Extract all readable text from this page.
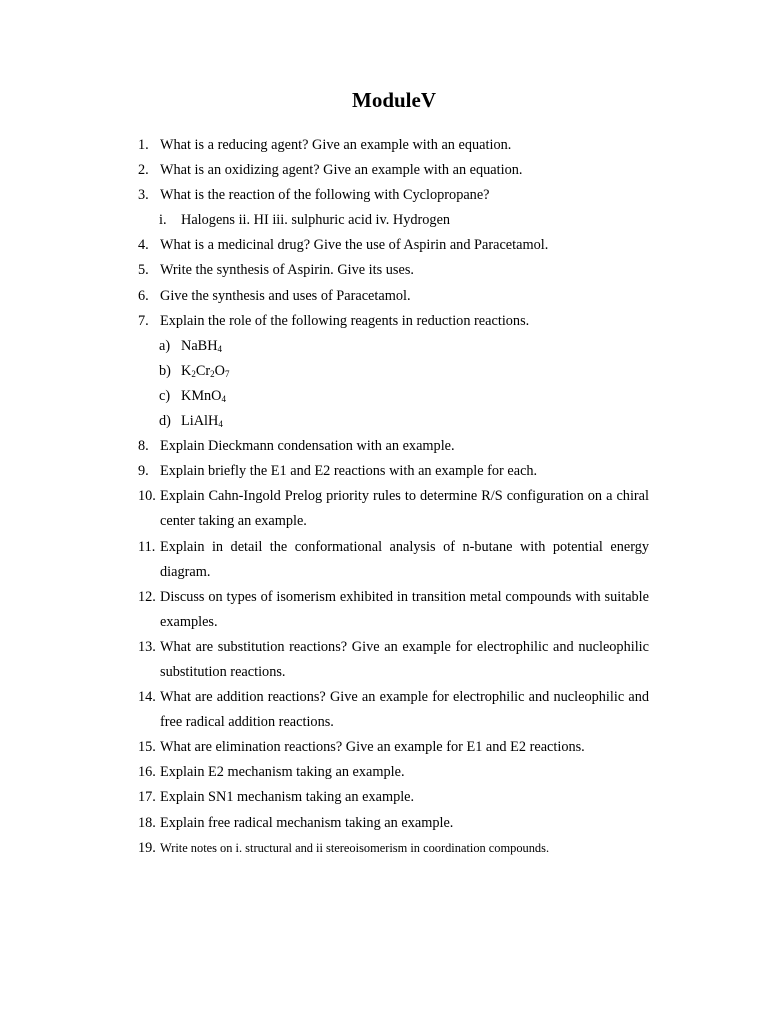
ModuleV
1. What is a reducing agent? Give an example with an equation.
2. What is an oxidizing agent? Give an example with an equation.
3. What is the reaction of the following with Cyclopropane?
i. Halogens ii. HI iii. sulphuric acid iv. Hydrogen
4. What is a medicinal drug? Give the use of Aspirin and Paracetamol.
5. Write the synthesis of Aspirin. Give its uses.
6. Give the synthesis and uses of Paracetamol.
7. Explain the role of the following reagents in reduction reactions.
a) NaBH$_4$
b) $K_2Cr_2O_7$
c) KMnO$_4$
d) LiAlH$_4$
8. Explain Dieckmann condensation with an example.
9. Explain briefly the E1 and E2 reactions with an example for each.
10. Explain Cahn-Ingold Prelog priority rules to determine R/S configuration on a chiral center taking an example.
11. Explain in detail the conformational analysis of n-butane with potential energy diagram.
12. Discuss on types of isomerism exhibited in transition metal compounds with suitable examples.
13. What are substitution reactions? Give an example for electrophilic and nucleophilic substitution reactions.
14. What are addition reactions? Give an example for electrophilic and nucleophilic and free radical addition reactions.
15. What are elimination reactions? Give an example for E1 and E2 reactions.
16. Explain E2 mechanism taking an example.
17. Explain SN1 mechanism taking an example.
18. Explain free radical mechanism taking an example.
19. Write notes on i. structural and ii stereoisomerism in coordination compounds.
